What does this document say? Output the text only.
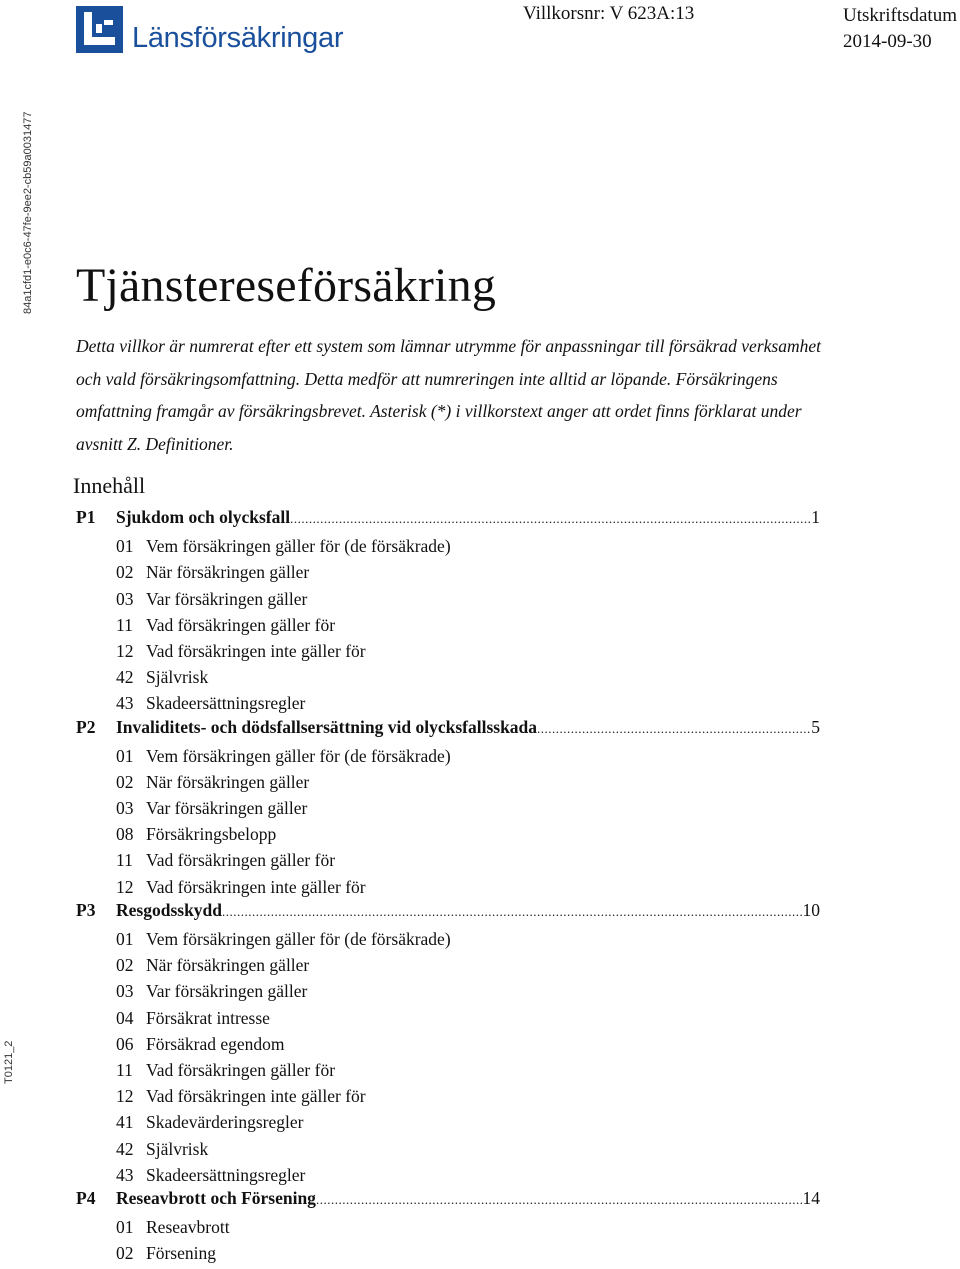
Länsförsäkringar
Villkorsnr: V 623A:13	Utskriftsdatum
2014-09-30
84a1cfd1-e0c6-47fe-9ee2-cb59a0031477
T0121_2
Tjänstereseförsäkring

Detta villkor är numrerat efter ett system som lämnar utrymme för anpassningar till försäkrad verksamhet och vald försäkringsomfattning. Detta medför att numreringen inte alltid ar löpande. Försäkringens omfattning framgår av försäkringsbrevet. Asterisk (*) i villkorstext anger att ordet finns förklarat under avsnitt Z. Definitioner.

Innehåll
P1	Sjukdom och olycksfall .....	1
01 Vem försäkringen gäller för (de försäkrade)
02 När försäkringen gäller
03 Var försäkringen gäller
11 Vad försäkringen gäller för
12 Vad försäkringen inte gäller för
42 Självrisk
43 Skadeersättningsregler
P2	Invaliditets- och dödsfallsersättning vid olycksfallsskada .....	5
01 Vem försäkringen gäller för (de försäkrade)
02 När försäkringen gäller
03 Var försäkringen gäller
08 Försäkringsbelopp
11 Vad försäkringen gäller för
12 Vad försäkringen inte gäller för
P3	Resgodsskydd .....	10
01 Vem försäkringen gäller för (de försäkrade)
02 När försäkringen gäller
03 Var försäkringen gäller
04 Försäkrat intresse
06 Försäkrad egendom
11 Vad försäkringen gäller för
12 Vad försäkringen inte gäller för
41 Skadevärderingsregler
42 Självrisk
43 Skadeersättningsregler
P4	Reseavbrott och Försening .....	14
01 Reseavbrott
02 Försening
